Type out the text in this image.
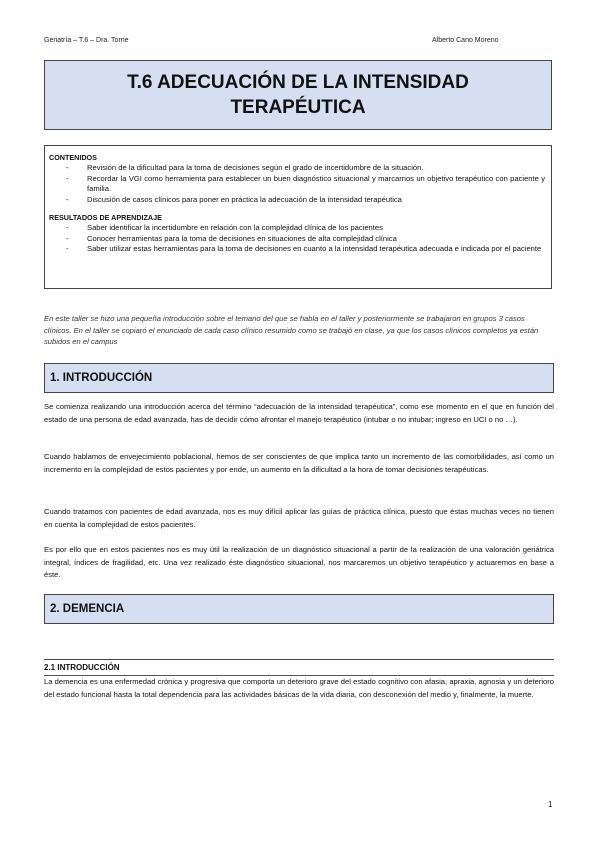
Geriatría – T.6 – Dra. Torne	Alberto Cano Moreno
T.6 ADECUACIÓN DE LA INTENSIDAD
TERAPÉUTICA
CONTENIDOS
- Revisión de la dificultad para la toma de decisiones según el grado de incertidumbre de la situación.
- Recordar la VGI como herramienta para establecer un buen diagnóstico situacional y marcarnos un objetivo terapéutico con paciente y familia.
- Discusión de casos clínicos para poner en práctica la adecuación de la intensidad terapéutica
RESULTADOS DE APRENDIZAJE
- Saber identificar la incertidumbre en relación con la complejidad clínica de los pacientes
- Conocer herramientas para la toma de decisiones en situaciones de alta complejidad clínica
- Saber utilizar estas herramientas para la toma de decisiones en cuanto a la intensidad terapéutica adecuada e indicada por el paciente
En este taller se hizo una pequeña introducción sobre el temario del que se habla en el taller y posteriormente se trabajaron en grupos 3 casos clínicos. En el taller se copiaró el enunciado de cada caso clínico resumido como se trabajó en clase, ya que los casos clínicos completos ya están subidos en el campus
1. INTRODUCCIÓN
Se comienza realizando una introducción acerca del término “adecuación de la intensidad terapéutica”, como ese momento en el que en función del estado de una persona de edad avanzada, has de decidir cómo afrontar el manejo terapéutico (intubar o no intubar; ingreso en UCI o no …).
Cuando hablamos de envejecimiento poblacional, hemos de ser conscientes de que implica tanto un incremento de las comorbilidades, así como un incremento en la complejidad de estos pacientes y por ende, un aumento en la dificultad a la hora de tomar decisiones terapéuticas.
Cuando tratamos con pacientes de edad avanzada, nos es muy difícil aplicar las guías de práctica clínica, puesto que éstas muchas veces no tienen en cuenta la complejidad de estos pacientes.
Es por ello que en estos pacientes nos es muy útil la realización de un diagnóstico situacional a partir de la realización de una valoración geriátrica integral, índices de fragilidad, etc. Una vez realizado éste diagnóstico situacional, nos marcaremos un objetivo terapéutico y actuaremos en base a éste.
2. DEMENCIA
2.1 INTRODUCCIÓN
La demencia es una enfermedad crónica y progresiva que comporta un deterioro grave del estado cognitivo con afasia, apraxia, agnosia y un deterioro del estado funcional hasta la total dependencia para las actividades básicas de la vida diaria, con desconexión del medio y, finalmente, la muerte.
1
